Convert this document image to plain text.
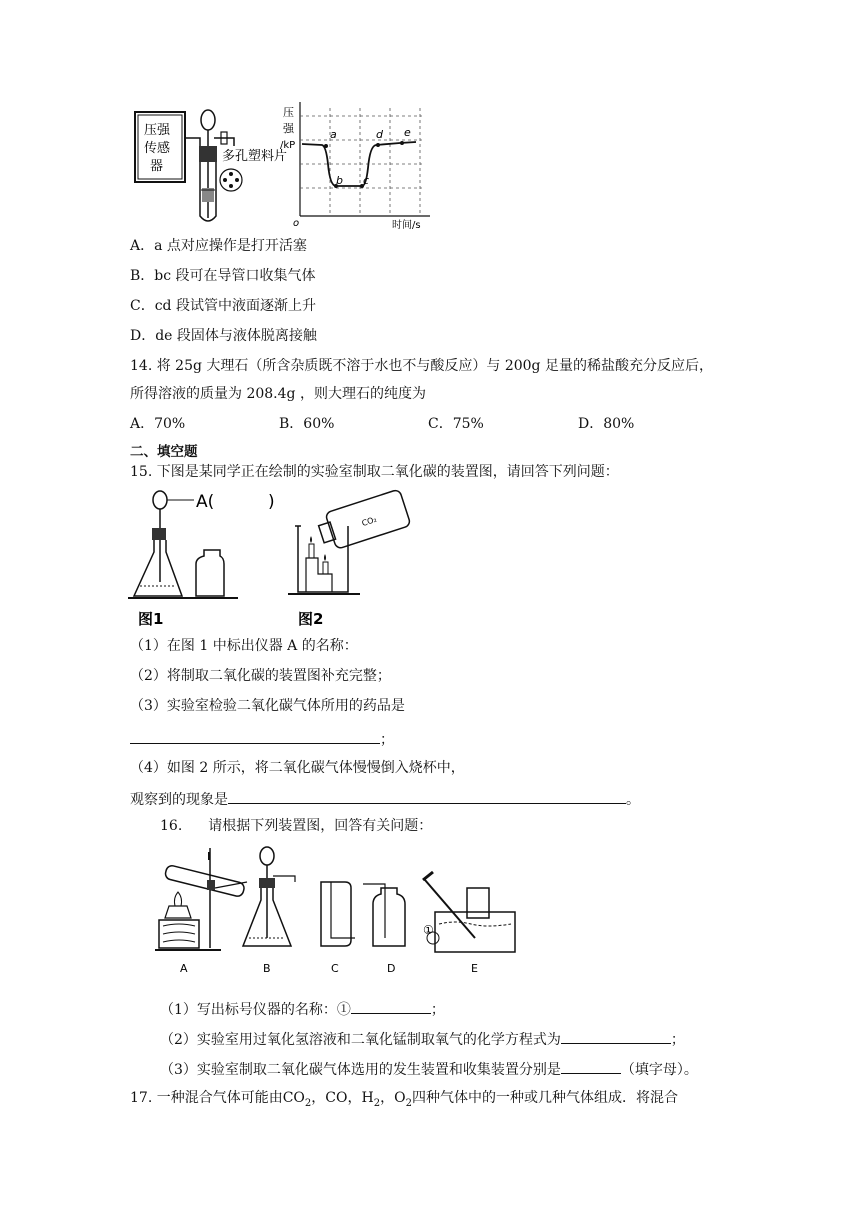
压强
传感
器
多孔塑料片
a
b c
d e
压
强
/kP
时间/s
o
A．a 点对应操作是打开活塞
B．bc 段可在导管口收集气体
C．cd 段试管中液面逐渐上升
D．de 段固体与液体脱离接触
14. 将 25g 大理石（所含杂质既不溶于水也不与酸反应）与 200g 足量的稀盐酸充分反应后，
所得溶液的质量为 208.4g ，则大理石的纯度为
A．70%	B．60%	C．75%	D．80%
二、填空题
15. 下图是某同学正在绘制的实验室制取二氧化碳的装置图，请回答下列问题：
A(	)
CO₂
图1	图2
（1）在图 1 中标出仪器 A 的名称：
（2）将制取二氧化碳的装置图补充完整；
（3）实验室检验二氧化碳气体所用的药品是
；
（4）如图 2 所示，将二氧化碳气体慢慢倒入烧杯中，
观察到的现象是	。
16. 请根据下列装置图，回答有关问题：
①
A	B	C	D	E
（1）写出标号仪器的名称：①	；
（2）实验室用过氧化氢溶液和二氧化锰制取氧气的化学方程式为	；
（3）实验室制取二氧化碳气体选用的发生装置和收集装置分别是	（填字母）。
17. 一种混合气体可能由$CO_2$，CO，$H_2$，$O_2$四种气体中的一种或几种气体组成．将混合
